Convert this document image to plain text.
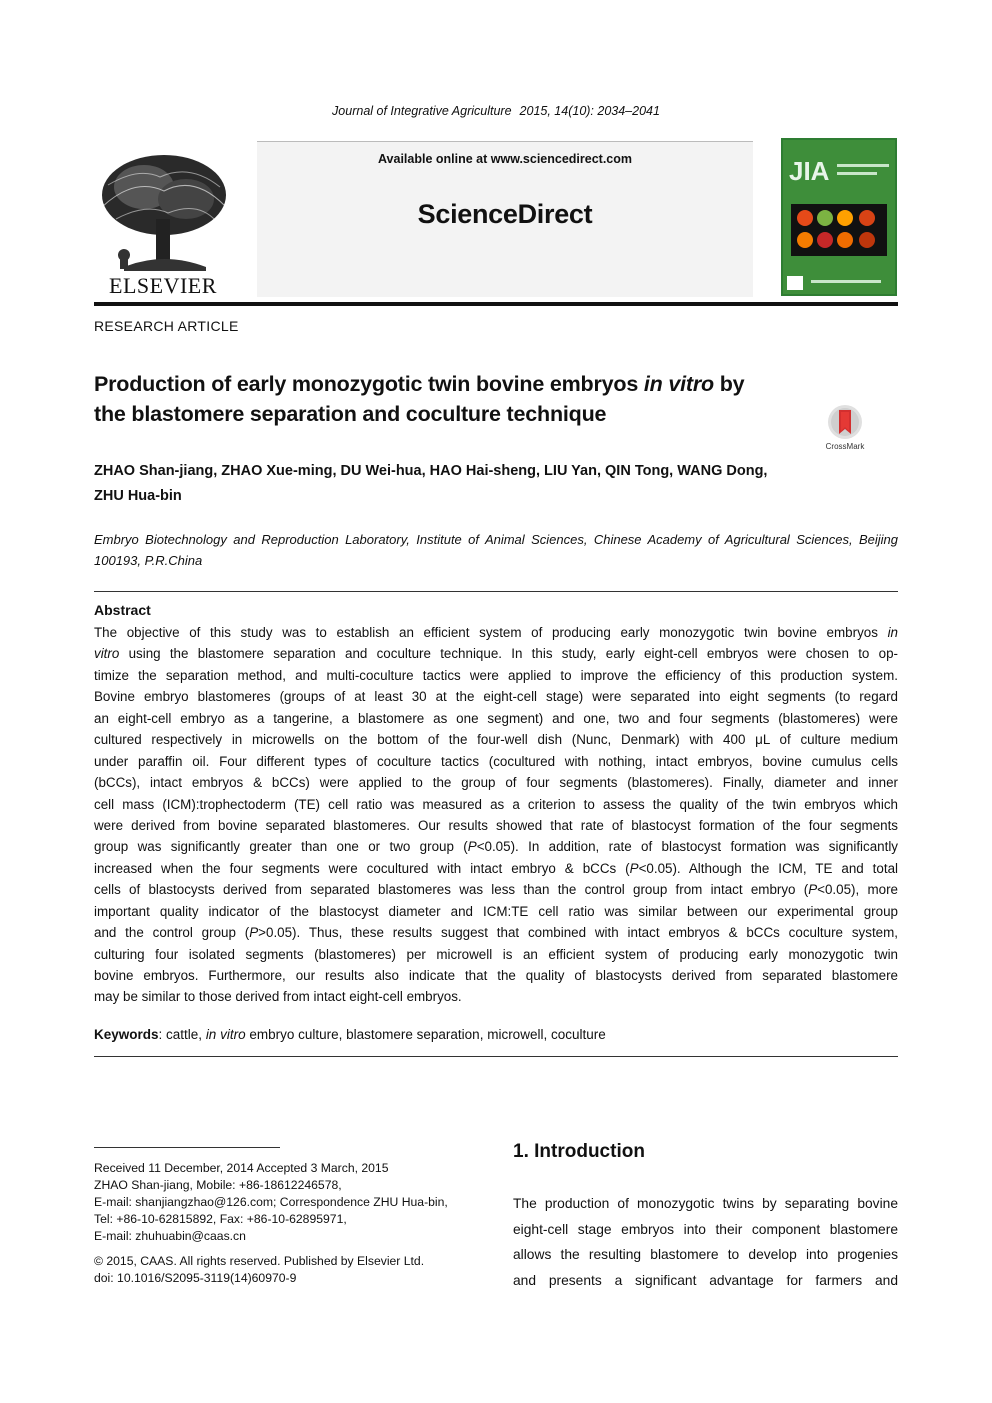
Journal of Integrative Agriculture 2015, 14(10): 2034–2041
ELSEVIER
Available online at www.sciencedirect.com
ScienceDirect
JIA
RESEARCH ARTICLE
Production of early monozygotic twin bovine embryos in vitro by
the blastomere separation and coculture technique
CrossMark
ZHAO Shan-jiang, ZHAO Xue-ming, DU Wei-hua, HAO Hai-sheng, LIU Yan, QIN Tong, WANG Dong,
ZHU Hua-bin
Embryo Biotechnology and Reproduction Laboratory, Institute of Animal Sciences, Chinese Academy of Agricultural Sciences, Beijing 100193, P.R.China
Abstract
The objective of this study was to establish an efficient system of producing early monozygotic twin bovine embryos in
vitro using the blastomere separation and coculture technique. In this study, early eight-cell embryos were chosen to op-
timize the separation method, and multi-coculture tactics were applied to improve the efficiency of this production system.
Bovine embryo blastomeres (groups of at least 30 at the eight-cell stage) were separated into eight segments (to regard
an eight-cell embryo as a tangerine, a blastomere as one segment) and one, two and four segments (blastomeres) were
cultured respectively in microwells on the bottom of the four-well dish (Nunc, Denmark) with 400 μL of culture medium
under paraffin oil. Four different types of coculture tactics (cocultured with nothing, intact embryos, bovine cumulus cells
(bCCs), intact embryos & bCCs) were applied to the group of four segments (blastomeres). Finally, diameter and inner
cell mass (ICM):trophectoderm (TE) cell ratio was measured as a criterion to assess the quality of the twin embryos which
were derived from bovine separated blastomeres. Our results showed that rate of blastocyst formation of the four segments
group was significantly greater than one or two group (P<0.05). In addition, rate of blastocyst formation was significantly
increased when the four segments were cocultured with intact embryo & bCCs (P<0.05). Although the ICM, TE and total
cells of blastocysts derived from separated blastomeres was less than the control group from intact embryo (P<0.05), more
important quality indicator of the blastocyst diameter and ICM:TE cell ratio was similar between our experimental group
and the control group (P>0.05). Thus, these results suggest that combined with intact embryos & bCCs coculture system,
culturing four isolated segments (blastomeres) per microwell is an efficient system of producing early monozygotic twin
bovine embryos. Furthermore, our results also indicate that the quality of blastocysts derived from separated blastomere
may be similar to those derived from intact eight-cell embryos.
Keywords: cattle, in vitro embryo culture, blastomere separation, microwell, coculture
Received 11 December, 2014 Accepted 3 March, 2015
ZHAO Shan-jiang, Mobile: +86-18612246578,
E-mail: shanjiangzhao@126.com; Correspondence ZHU Hua-bin,
Tel: +86-10-62815892, Fax: +86-10-62895971,
E-mail: zhuhuabin@caas.cn
© 2015, CAAS. All rights reserved. Published by Elsevier Ltd.
doi: 10.1016/S2095-3119(14)60970-9
1. Introduction
The production of monozygotic twins by separating bovine
eight-cell stage embryos into their component blastomere
allows the resulting blastomere to develop into progenies
and presents a significant advantage for farmers and
